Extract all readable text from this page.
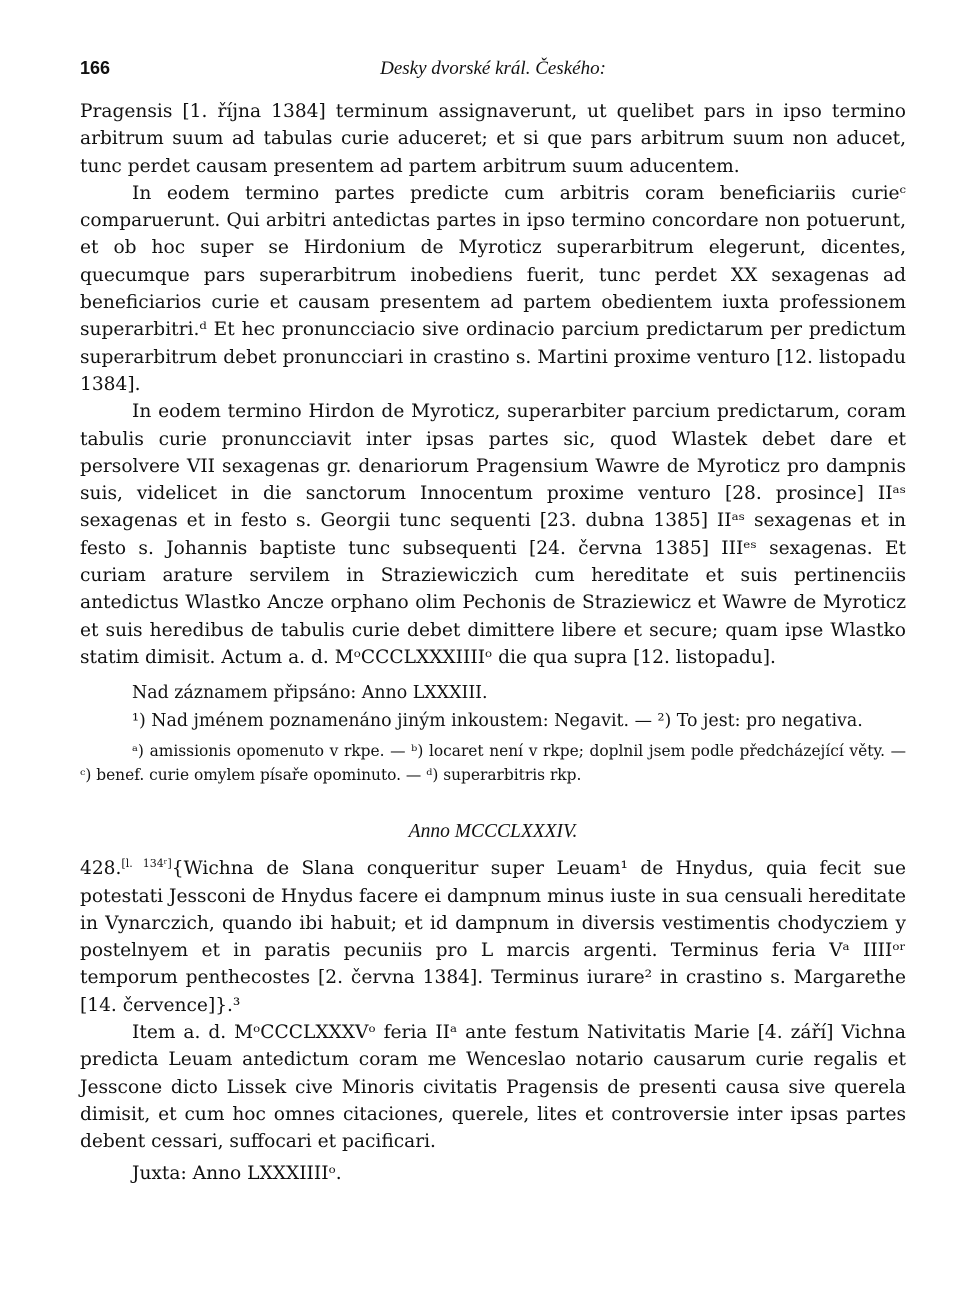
166	Desky dvorské král. Českého:

Pragensis [1. října 1384] terminum assignaverunt, ut quelibet pars in ipso termino arbitrum suum ad tabulas curie aduceret; et si que pars arbitrum suum non aducet, tunc perdet causam presentem ad partem arbitrum suum aducentem.

In eodem termino partes predicte cum arbitris coram beneficiariis curieᶜ comparuerunt. Qui arbitri antedictas partes in ipso termino concordare non potuerunt, et ob hoc super se Hirdonium de Myroticz superarbitrum elegerunt, dicentes, quecumque pars superarbitrum inobediens fuerit, tunc perdet XX sexagenas ad beneficiarios curie et causam presentem ad partem obedientem iuxta professionem superarbitri.ᵈ Et hec pronuncciacio sive ordinacio parcium predictarum per predictum superarbitrum debet pronuncciari in crastino s. Martini proxime venturo [12. listopadu 1384].

In eodem termino Hirdon de Myroticz, superarbiter parcium predictarum, coram tabulis curie pronuncciavit inter ipsas partes sic, quod Wlastek debet dare et persolvere VII sexagenas gr. denariorum Pragensium Wawre de Myroticz pro dampnis suis, videlicet in die sanctorum Innocentum proxime venturo [28. prosince] IIᵃˢ sexagenas et in festo s. Georgii tunc sequenti [23. dubna 1385] IIᵃˢ sexagenas et in festo s. Johannis baptiste tunc subsequenti [24. června 1385] IIIᵉˢ sexagenas. Et curiam arature servilem in Straziewiczich cum hereditate et suis pertinenciis antedictus Wlastko Ancze orphano olim Pechonis de Straziewicz et Wawre de Myroticz et suis heredibus de tabulis curie debet dimittere libere et secure; quam ipse Wlastko statim dimisit. Actum a. d. MᵒCCCLXXXIIIIᵒ die qua supra [12. listopadu].

Nad záznamem připsáno: Anno LXXXIII.

¹) Nad jménem poznamenáno jiným inkoustem: Negavit. — ²) To jest: pro negativa.

ᵃ) amissionis opomenuto v rkpe. — ᵇ) locaret není v rkpe; doplnil jsem podle předcházející věty. — ᶜ) benef. curie omylem písaře opominuto. — ᵈ) superarbitris rkp.

Anno MCCCLXXXIV.

428.[l. 134ʳ]{Wichna de Slana conqueritur super Leuam¹ de Hnydus, quia fecit sue potestati Jessconi de Hnydus facere ei dampnum minus iuste in sua censuali hereditate in Vynarczich, quando ibi habuit; et id dampnum in diversis vestimentis chodycziem y postelnyem et in paratis pecuniis pro L marcis argenti. Terminus feria Vᵃ IIIIᵒʳ temporum penthecostes [2. června 1384]. Terminus iurare² in crastino s. Margarethe [14. července]}.³

Item a. d. MᵒCCCLXXXVᵒ feria IIᵃ ante festum Nativitatis Marie [4. září] Vichna predicta Leuam antedictum coram me Wenceslao notario causarum curie regalis et Jesscone dicto Lissek cive Minoris civitatis Pragensis de presenti causa sive querela dimisit, et cum hoc omnes citaciones, querele, lites et controversie inter ipsas partes debent cessari, suffocari et pacificari.

Juxta: Anno LXXXIIIIᵒ.
